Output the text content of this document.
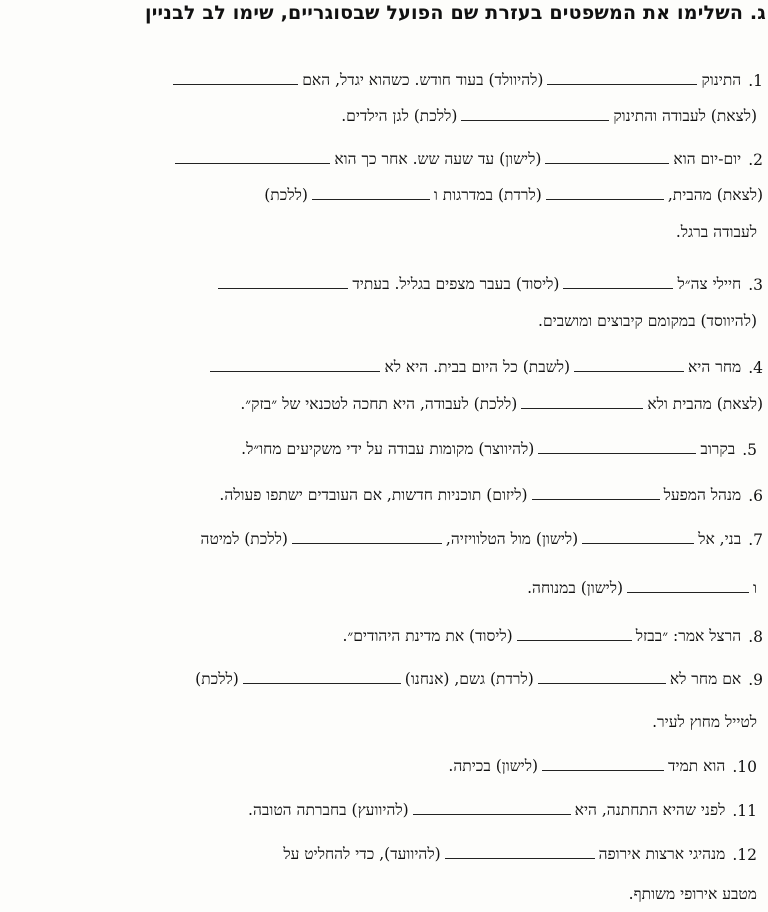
ג. השלימו את המשפטים בעזרת שם הפועל שבסוגריים, שימו לב לבניין
1.
התינוק
(להיוולד) בעוד חודש. כשהוא יגדל, האם
(לצאת) לעבודה והתינוק
(ללכת) לגן הילדים.
2.
יום-יום הוא
(לישון) עד שעה שש. אחר כך הוא
(לצאת) מהבית,
(לרדת) במדרגות ו
(ללכת)
לעבודה ברגל.
3.
חיילי צה״ל
(ליסוד) בעבר מצפים בגליל. בעתיד
(להיווסד) במקומם קיבוצים ומושבים.
4.
מחר היא
(לשבת) כל היום בבית. היא לא
(לצאת) מהבית ולא
(ללכת) לעבודה, היא תחכה לטכנאי של ״בזק״.
5.
בקרוב
(להיווצר) מקומות עבודה על ידי משקיעים מחו״ל.
6.
מנהל המפעל
(ליזום) תוכניות חדשות, אם העובדים ישתפו פעולה.
7.
בני, אל
(לישון) מול הטלוויזיה,
(ללכת) למיטה
ו
(לישון) במנוחה.
8.
הרצל אמר: ״בבזל
(ליסוד) את מדינת היהודים״.
9.
אם מחר לא
(לרדת) גשם, (אנחנו)
(ללכת)
לטייל מחוץ לעיר.
10.
הוא תמיד
(לישון) בכיתה.
11.
לפני שהיא התחתנה, היא
(להיוועץ) בחברתה הטובה.
12.
מנהיגי ארצות אירופה
(להיוועד), כדי להחליט על
מטבע אירופי משותף.
